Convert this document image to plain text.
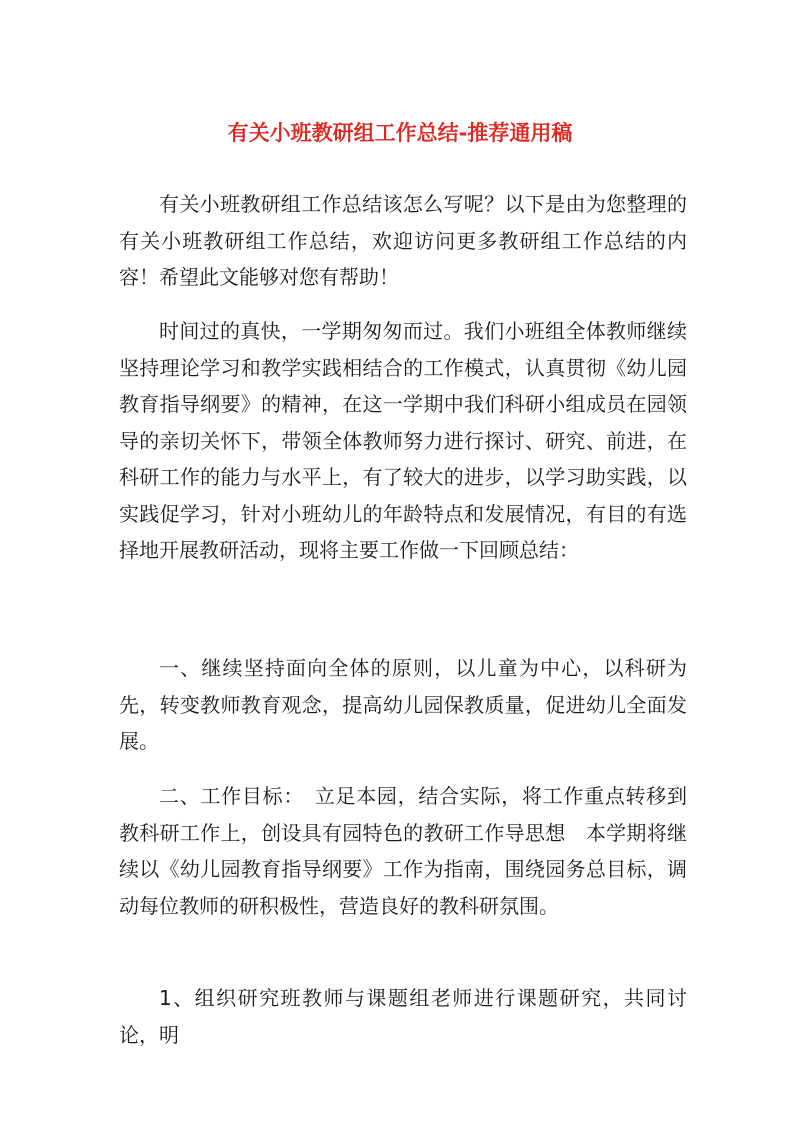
有关小班教研组工作总结-推荐通用稿

有关小班教研组工作总结该怎么写呢？以下是由为您整理的有关小班教研组工作总结，欢迎访问更多教研组工作总结的内容！希望此文能够对您有帮助！

时间过的真快，一学期匆匆而过。我们小班组全体教师继续坚持理论学习和教学实践相结合的工作模式，认真贯彻《幼儿园教育指导纲要》的精神，在这一学期中我们科研小组成员在园领导的亲切关怀下，带领全体教师努力进行探讨、研究、前进，在科研工作的能力与水平上，有了较大的进步，以学习助实践，以实践促学习，针对小班幼儿的年龄特点和发展情况，有目的有选择地开展教研活动，现将主要工作做一下回顾总结：

一、继续坚持面向全体的原则，以儿童为中心，以科研为先，转变教师教育观念，提高幼儿园保教质量，促进幼儿全面发展。

二、工作目标：　立足本园，结合实际，将工作重点转移到教科研工作上，创设具有园特色的教研工作导思想　本学期将继续以《幼儿园教育指导纲要》工作为指南，围绕园务总目标，调动每位教师的研积极性，营造良好的教科研氛围。

1、组织研究班教师与课题组老师进行课题研究，共同讨论，明
